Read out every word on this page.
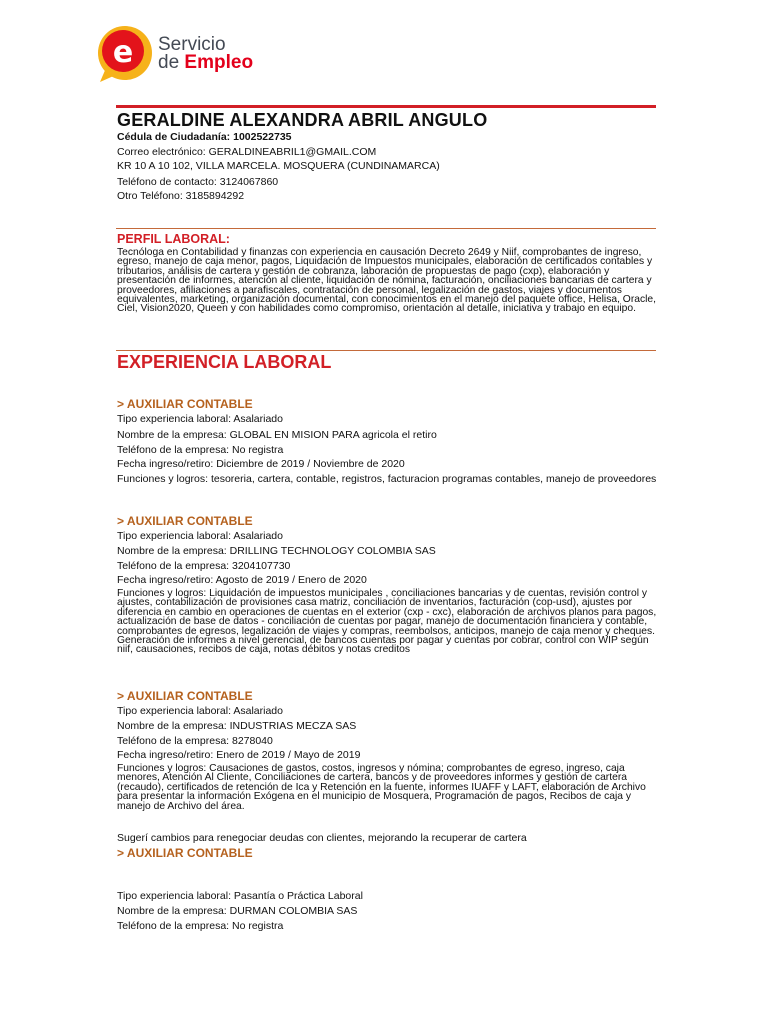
e Servicio
de Empleo
GERALDINE ALEXANDRA ABRIL ANGULO
Cédula de Ciudadanía: 1002522735
Correo electrónico: GERALDINEABRIL1@GMAIL.COM
KR 10 A 10 102, VILLA MARCELA. MOSQUERA (CUNDINAMARCA)
Teléfono de contacto: 3124067860
Otro Teléfono: 3185894292
PERFIL LABORAL:
Tecnóloga en Contabilidad y finanzas con experiencia en causación Decreto 2649 y Niif, comprobantes de ingreso, egreso, manejo de caja menor, pagos, Liquidación de Impuestos municipales, elaboración de certificados contables y tributarios, análisis de cartera y gestión de cobranza, laboración de propuestas de pago (cxp), elaboración y presentación de informes, atención al cliente, liquidación de nómina, facturación, onciliaciones bancarias de cartera y proveedores, afiliaciones a parafiscales, contratación de personal, legalización de gastos, viajes y documentos equivalentes, marketing, organización documental, con conocimientos en el manejo del paquete office, Helisa, Oracle, Ciel, Vision2020, Queen y con habilidades como compromiso, orientación al detalle, iniciativa y trabajo en equipo.
EXPERIENCIA LABORAL
> AUXILIAR CONTABLE
Tipo experiencia laboral: Asalariado
Nombre de la empresa: GLOBAL EN MISION PARA agricola el retiro
Teléfono de la empresa: No registra
Fecha ingreso/retiro: Diciembre de 2019 / Noviembre de 2020
Funciones y logros: tesoreria, cartera, contable, registros, facturacion programas contables, manejo de proveedores
> AUXILIAR CONTABLE
Tipo experiencia laboral: Asalariado
Nombre de la empresa: DRILLING TECHNOLOGY COLOMBIA SAS
Teléfono de la empresa: 3204107730
Fecha ingreso/retiro: Agosto de 2019 / Enero de 2020
Funciones y logros: Liquidación de impuestos municipales , conciliaciones bancarias y de cuentas, revisión control y ajustes, contabilización de provisiones casa matriz, conciliación de inventarios, facturación (cop-usd), ajustes por diferencia en cambio en operaciones de cuentas en el exterior (cxp - cxc), elaboración de archivos planos para pagos, actualización de base de datos - conciliación de cuentas por pagar, manejo de documentación financiera y contable, comprobantes de egresos, legalización de viajes y compras, reembolsos, anticipos, manejo de caja menor y cheques. Generación de informes a nivel gerencial, de bancos cuentas por pagar y cuentas por cobrar, control con WIP según niif, causaciones, recibos de caja, notas débitos y notas creditos
> AUXILIAR CONTABLE
Tipo experiencia laboral: Asalariado
Nombre de la empresa: INDUSTRIAS MECZA SAS
Teléfono de la empresa: 8278040
Fecha ingreso/retiro: Enero de 2019 / Mayo de 2019
Funciones y logros: Causaciones de gastos, costos, ingresos y nómina; comprobantes de egreso, ingreso, caja menores, Atención Al Cliente, Conciliaciones de cartera, bancos y de proveedores informes y gestión de cartera (recaudo), certificados de retención de Ica y Retención en la fuente, informes IUAFF y LAFT, elaboración de Archivo para presentar la información Exógena en el municipio de Mosquera, Programación de pagos, Recibos de caja y manejo de Archivo del área.
Sugerí cambios para renegociar deudas con clientes, mejorando la recuperar de cartera
> AUXILIAR CONTABLE
Tipo experiencia laboral: Pasantía o Práctica Laboral
Nombre de la empresa: DURMAN COLOMBIA SAS
Teléfono de la empresa: No registra
